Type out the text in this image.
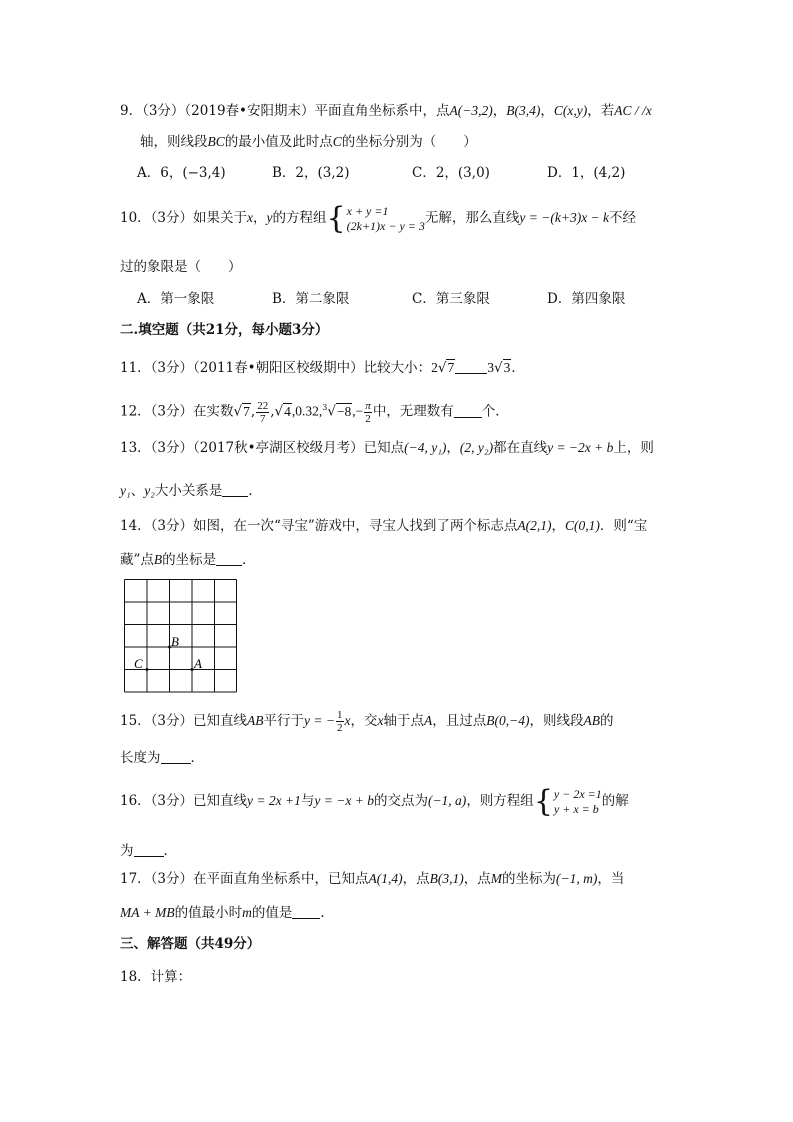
9．（3分）（2019春•安阳期末）平面直角坐标系中，点A(−3,2)，B(3,4)，C(x,y)，若AC / /x
轴，则线段BC的最小值及此时点C的坐标分别为（　　）
A．6，(−3,4)	B．2，(3,2)	C．2，(3,0)	D．1，(4,2)
10．（3分）如果关于x，y的方程组{ x + y =1
(2k+1)x − y = 3 无解，那么直线y = −(k+3)x − k不经
过的象限是（　　）
A．第一象限	B．第二象限	C．第三象限	D．第四象限
二.填空题（共21分，每小题3分）
11．（3分）（2011春•朝阳区校级期中）比较大小：2√7 3√3．
12．（3分）在实数√7, $\frac{22}{7} ,√4,0.32,^3√-8,- \frac{\pi}{2}$ 中，无理数有 个．
13．（3分）（2017秋•亭湖区校级月考）已知点(−4, y₁)，(2, y₂)都在直线y = −2x + b上，则
y₁、y₂大小关系是 ．
14．（3分）如图，在一次“寻宝”游戏中，寻宝人找到了两个标志点A(2,1)，C(0,1)．则“宝
藏”点B的坐标是 ．
B
C	A
15．（3分）已知直线AB平行于y = − $\frac{1}{2}$ x，交x轴于点A，且过点B(0,−4)，则线段AB的
长度为 ．
16．（3分）已知直线y = 2x +1与y = −x + b的交点为(−1, a)，则方程组{ y − 2x =1
y + x = b 的解
为 ．
17．（3分）在平面直角坐标系中，已知点A(1,4)，点B(3,1)，点M的坐标为(−1, m)，当
MA + MB的值最小时m的值是 ．
三、解答题（共49分）
18．计算：
